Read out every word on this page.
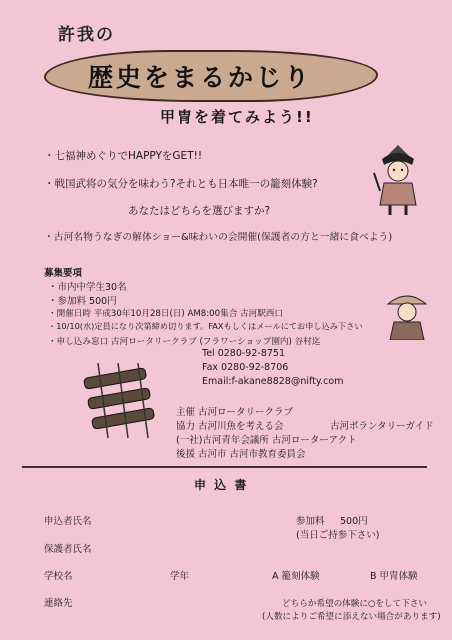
許我の
歴史をまるかじり
甲冑を着てみよう!!
・七福神めぐりでHAPPYをGET!!
・戦国武将の気分を味わう?それとも日本唯一の籠刻体験?
あなたはどちらを選びますか?
・古河名物うなぎの解体ショー&味わいの会開催(保護者の方と一緒に食べよう)
募集要項
・市内中学生30名
・参加料 500円
・開催日時 平成30年10月28日(日) AM8:00集合 古河駅西口
・10/10(水)定員になり次第締め切ります。FAXもしくはメールにてお申し込み下さい
・申し込み窓口 古河ロータリークラブ (フラワーショップ園内) 谷村迄
Tel 0280-92-8751
Fax 0280-92-8706
Email:f-akane8828@nifty.com
主催 古河ロータリークラブ
協力 古河川魚を考える会	古河ボランタリーガイド
(一社)古河青年会議所 古河ローターアクト
後援 古河市 古河市教育委員会
申 込 書
申込者氏名	参加料 500円
(当日ご持参下さい)
保護者氏名
学校名	学年	A 籠刻体験	B 甲冑体験
連絡先	どちらか希望の体験に○をして下さい
(人数によりご希望に添えない場合があります)
